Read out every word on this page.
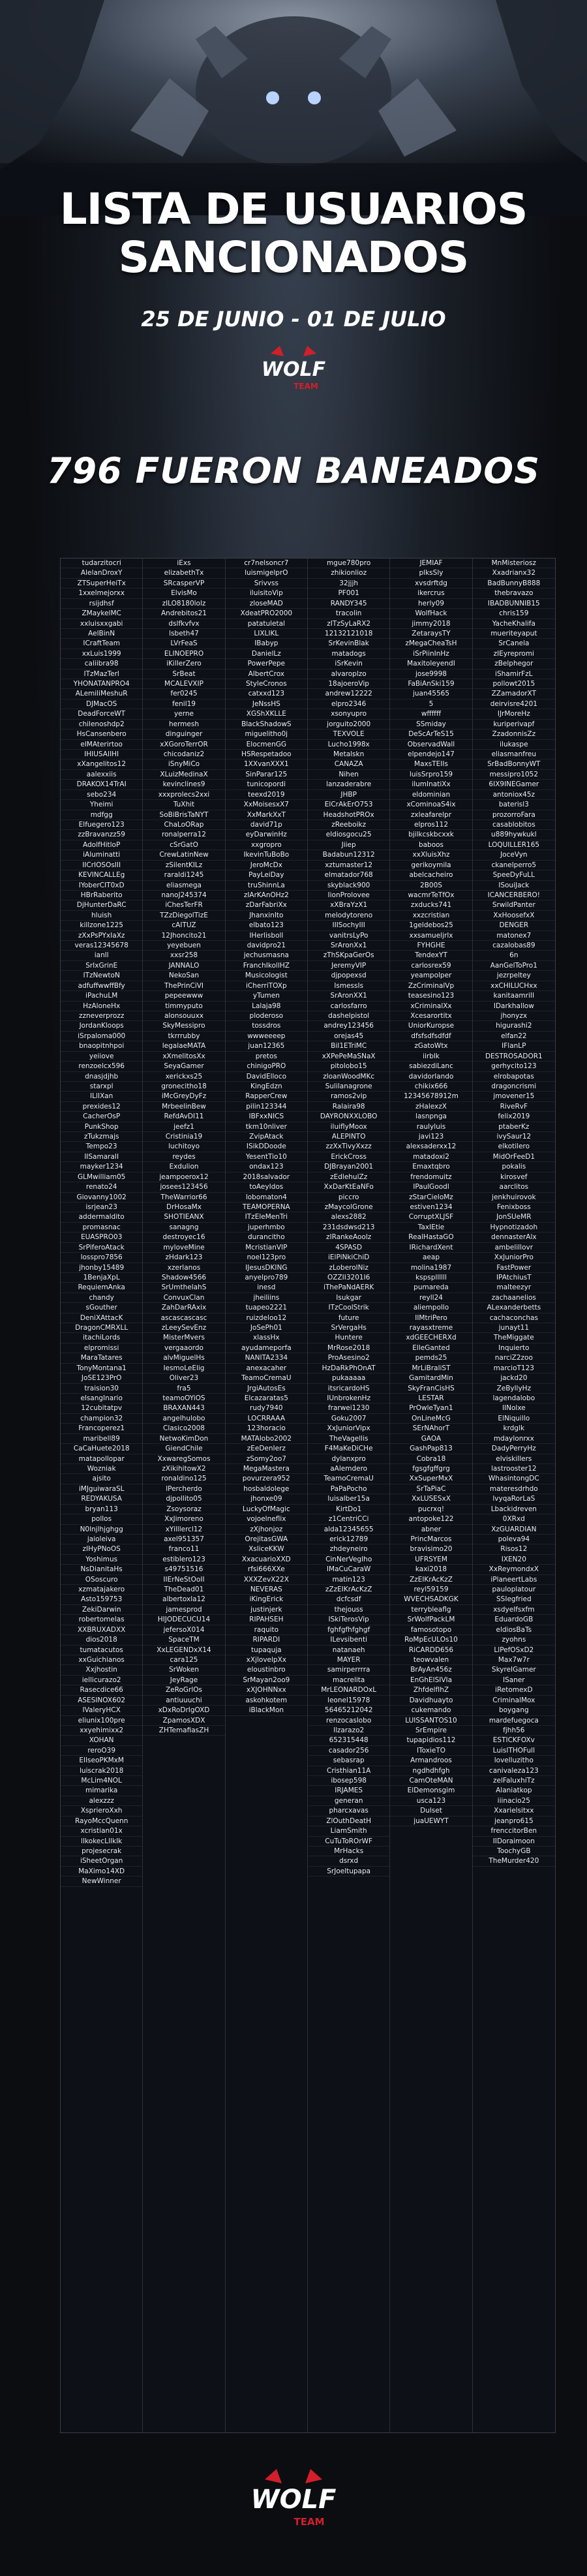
LISTA DE USUARIOS
SANCIONADOS
25 DE JUNIO - 01 DE JULIO
WOLF
TEAM
796 FUERON BANEADOS
tudarzitocri
AlelanDroxY
ZTSuperHeiTx
1xxelmejorxx
rsijdhsf
ZMaykelMC
xxluisxxgabi
AelBinN
ICraftTeam
xxLuis1999
caliibra98
ITzMazTerl
YHONATANPRO4
ALemiliMeshuR
DJMacOS
DeadForceWT
chilenoshdp2
HsCansenbero
elMAterirtoo
IHIUSAIIHI
xXangelitos12
aalexxiis
DRAKOX14TrAI
sebo234
Yheimi
mdfgg
Elfuegero123
zzBravanzz59
AdolfHitloP
iAluminatti
IICrIOSOsIII
KEVINCALLEg
IYoberCIT0xD
HBrRaberito
DjHunterDaRC
hluish
killzone1225
zXxPsPYxIaXz
veras12345678
ianll
SrIxGrinE
ITzNewtoN
adfuffwwffBfy
iPachuLM
HzAloneHx
zzneverprozz
JordanKloops
iSrpaloma000
bnaopitnhpoi
yeiiove
renzoelcx596
dnasjdjhb
starxpl
ILlIXan
prexides12
CacherOsP
PunkShop
zTukzmajs
Tempo23
IISamaraII
mayker1234
GLMwilliam05
renato24
Giovanny1002
isrjean23
addermaldito
promasnac
EUASPRO03
SrPiferoAtack
losspro7856
jhonby15489
1BenjaXpL
RequiemAnka
chandy
sGouther
DeniXAttacK
DragonCMRXLL
itachiLords
elpromissi
MaraTatares
TonyMontana1
JoSE123PrO
traision30
elsangInario
12cubitatpv
champion32
Francoperez1
maribell89
CaCaHuete2018
matapollopar
Wozniak
ajsito
iMJguiwaraSL
REDYAKUSA
bryan113
pollos
N0lnjlhjghgg
jaioleiva
zIHyPNoOS
Yoshimus
NsDianitaHs
OSoscuro
xzmatajakero
Asto159753
ZekiDarwin
robertomelas
XXBRUXADXX
dios2018
tumatacutos
xxGuichianos
Xxjhostin
iellicurazo2
Rasecdice66
ASESINOX602
IValeryHCX
eliunix100pre
xxyehimixx2
XOHAN
reroO39
EIlseoPKMxM
luiscrak2018
McLim4NOL
mimarika
alexzzz
XsprieroXxh
RayoMccQuenn
xcristian01x
lIkokecLlIkIk
projesecrak
iSheetOrgan
MaXimo14XD
NewWinner
iExs
elizabethTx
SRcasperVP
ElvisMo
zILO8180lolz
Andrebitos21
dslfkvfvx
lsbeth47
LVrFeaS
ELINOEPRO
iKillerZero
SrBeat
MCALEVXIP
fer0245
fenil19
yerne
hermesh
dinguinger
xXGoroTerrOR
chicodaniz2
iSnyMiCo
XLuizMedinaX
kevinclines9
xxxprolecs2xxi
TuXhit
SoBiBrisTaNYT
ChaLoORap
ronalperra12
cSrGatO
CrewLatinNew
zSilentKILz
raraldi1245
eliasmega
nanoJ245374
iChesTerFR
TZzDiegolTizE
cAITUZ
12Jhoncito21
yeyebuen
xxsr258
JANNALO
NekoSan
ThePrinCiVI
pepeewww
timmyputo
alonsouuxx
SkyMessipro
tkrrrubby
legalaeMATA
xXmelitosXx
SeyaGamer
xerickxs25
gronecitho18
iMcGreyDyFz
MrbeelinBew
RefdAvDI11
jeefz1
Cristinia19
luchitoyo
reydes
Exdulion
jeampoerox12
josees123456
TheWarrior66
DrHosaMx
SHOTIEANX
sanagng
destroyec16
myloveMine
zHdark123
xzerlanos
Shadow4566
SrUmthelahS
ConvuxClan
ZahDarRAxix
ascascascasc
zLeeySevEnz
MisterMvers
vergaaordo
alvMiguelHs
IesmoLeElig
Oliver23
fra5
teamoOYiOS
BRAXAN443
angelhulobo
Clasico2008
NetwoKimDon
GiendChile
XxwaregSomos
zXikihitowX2
ronaldino125
lPercherdo
djpollito05
Zsoysoraz
XxJimoreno
xYilllercl12
axel951357
franco11
estiblero123
s49751516
IIErNeStOoII
TheDead01
albertoxla12
jamesprod
HIJODECUCU14
jefersoX014
SpaceTM
XxLEGENDxX14
cara125
SrWoken
JeyRage
ZeRoGrlOs
antiuuuchi
xDxRoDrIgOXD
ZpamosXDX
ZHTemafiasZH
cr7nelsoncr7
luismigelprO
Srivvss
iluisitoVip
zloseMAD
XdeatPRO2000
patatuletal
LIXLIKL
IBabyp
DanielLz
PowerPepe
AlbertCrox
StyleCronos
catxxd123
JeNssHS
XGShXKLLE
BlackShadowS
miguelitho0j
ElocmenGG
HSRespetadoo
1XXvanXXX1
SinParar125
tunicopordi
teexd2019
XxMoisesxX7
XxMarkXxT
david71p
eyDarwinHz
xxgropro
IkevinTuBoBo
JeroMcDx
PayLeiDay
truShinnLa
zIArKAnOHz2
zDarFabriXx
JhanxinIto
elbato123
IHerlisboll
davidpro21
jechusmasna
FranchIkollHZ
Musicologist
iCherriTOXp
yTumen
Lalaja98
ploderoso
tossdros
wwweeeep
juan12365
pretos
chinigoPRO
DavidElloco
KingEdzn
RapperCrew
pilin123344
IBFxxNICS
tkm10nliver
ZvipAtack
ISikDDoode
YesentTio10
ondax123
2018salvador
toAeyIdos
lobomaton4
TEAMOPERNA
ITzEleMenTri
juperhmbo
durancitho
McristianVIP
noel123pro
IJesusDKING
anyelpro789
inesd
jheiliins
tuapeo2221
ruizdeloo12
JoSePh01
xlassHx
ayudameporfa
NANITA2334
anexacaher
TeamoCremaU
JrgiAutosEs
Elcazaratas5
rudy7940
LOCRRAAA
123horacio
MATAlobo2002
zEeDenIerz
zSomy2oo7
MegaMastera
povurzera952
hosbaldolege
jhonxe09
LuckyOfMagic
vojoelneflix
zXjhonjoz
OrejitasGWA
XsliceKKW
XxacuarioXXD
rfsi666XXe
XXXZevX22X
NEVERAS
iKingErick
justinjerk
RIPAHSEH
raquito
RIPARDI
tupaquja
xXjlovelpXx
eloustinbro
SrMayan2oo9
xXJOHNNxx
askohkotem
iBlackMon
mgue780pro
zhikionlioz
32jjjh
PF001
RANDY345
tracolin
zITzSyLaRX2
12132121018
SrKevinBlak
matadogs
iSrKevin
alvaroplzo
18ajoeroVip
andrew12222
elpro2346
xsonyupro
jorguito2000
TEXVOLE
Lucho1998x
Metalskn
CANAZA
Nihen
lanzaderabre
JHBP
ElCrAkErO753
HeadshotPROx
zReeboikz
eldiosgocu25
Jiiep
Badabun12312
xztumaster12
elmatador768
skyblack900
IionProlovee
xXBraYzX1
melodytoreno
IIISochyIII
vanitrsLyPo
SrAronXx1
zThSKpaGerOs
JeremyVIP
djpopexsd
IsmessIs
SrAronXX1
carlosfarro
dashelpistol
andrey123456
orejas45
BiI1ETriMC
xXPePeMaSNaX
pitolobo15
zloanWoodMKc
Sulilanagrone
ramos2vip
Ralaira98
DAYRONXXLOBO
iluiflyMoox
ALEPINTO
zzXxTivyXxzz
ErickCross
DJBrayan2001
zEdlehulZz
XxDarKtEaNFo
piccro
zMaycolGrone
alexs2882
231dsdwsd213
zIRankeAoolz
4SPASD
iElPiNkiChiD
zLoberolNiz
OZZII3201I6
iThePaNdAERK
Isukgar
ITzCoolStrik
future
SrVergaHs
Huntere
MrRose2018
ProAsesino2
HzDaRkPhOnAT
pukaaaaa
itsricardoHS
IUnbrokenHz
frarwei1230
Goku2007
XxJuniorVipx
TheVagellis
F4MaKeDiCHe
dylanxpro
aAlemdero
TeamoCremaU
PaPaPocho
luisalber15a
KirtDo1
z1CentriCCi
alda12345655
erick12789
zhdeyneiro
CinNerVegIho
IMaCuCaraW
matin123
zZzEIKrAcKzZ
dcfcsdf
thejouss
ISkiTerosVip
fghfgfhfghgf
ILevsibenti
natanaeh
MAYER
samirperrrra
macrelita
MrLEONARDOxL
leonel15978
56465212042
renzocaslobo
llzarazo2
652315448
casador256
sebasrap
Cristhian11A
ibosep598
IRJAMES
generan
pharcxavas
ZlOuthDeatH
LiamSmith
CuTuToROrWF
MrHacks
dsrxd
SrJoeltupapa
JEMIAF
plksSly
xvsdrftdg
ikercrus
herly09
WolfHack
jimmy2018
ZetaraysTY
zMegaCheaTsH
iSrPiinInHz
MaxitoleyendI
jose9998
FaBiAnSki159
juan45565
5
wffffff
SSmiday
DeScArTeS15
ObservadWall
elpendejo147
MaxsTEIIs
luisSrpro159
ilumInatiXx
eldominian
xCominoaS4ix
zxleafarelpr
elpros112
bjilkcskbcxxk
baboos
xxXluisXhz
gerikoymila
abelcacheiro
2B00S
wacmrTeTfOx
zxducks741
xxzcristian
1geldebos25
xxsamueljrlx
FYHGHE
TendexYT
carlosrex59
yeampolper
ZzCriminalVp
teasesino123
xCriminalXx
Xcesarortitx
UniorKuropse
dfsfsdfsdfdf
zGatoWtx
iirblk
sabiezdiLanc
davidorlando
chikix666
12345678912m
zHalexzX
lasnpnga
raulyluis
javi123
alexsaderxx12
matadoxi2
Emaxtqbro
frendomuitz
IPaulGoodl
zStarCieloMz
estiven1234
CorruptXLJSF
TaxIEtie
RealHastaGO
IRichardXent
aeap
molina1987
kspspllllll
pumareda
reyll24
aliempollo
IIMtriPero
rayasxtreme
xdGEECHERXd
ElleGanted
pemds25
MrLiBraliST
GamitardMin
SkyFranCisHS
LESTAR
PrOwleTyan1
OnLineMcG
SErNAhorT
GAOA
GashPap813
Cobra18
fgsgfgffgrg
XxSuperMxX
SrTaPiaC
XxLUSESxX
pucrxq!
antopoke122
abner
PrincMarcos
bravisimo20
UFRSYEM
kaxi2018
ZzEIKrAcKzZ
reyl59159
WVECHSADKGK
terrybleaflg
SrWolfPackLM
famosotopo
RoMpEcULOs10
RiCARDD656
teowvalen
BrAyAn456z
EnGhElSIVIa
ZhfdelfIhZ
Davidhuayto
cukemando
LUISSANTOS10
SrEmpire
tupapidios112
IToxieTO
Armandroos
ngdhdhfgh
CamOteMAN
ElDemonsgim
usca123
Dulset
juaUEWYT
MnMisteriosz
Xxadrianx32
BadBunnyB888
thebravazo
IBADBUNNIB15
chris159
YacheKhalifa
mueriteyaput
SrCanela
zIEyrepromi
zBelphegor
iShamirFzL
pollowt2015
ZZamadorXT
deirvisre4201
IJrMoreHz
kuriperivapf
ZzadonnisZz
ilukaspe
eliasmanfreu
SrBadBonnyWT
messipro1052
6IX9INEGamer
antoniox45z
baterisl3
prozorroFara
casablobitos
u889hywkukl
LOQUILLER165
JoceVyn
ckanelperro5
SpeeDyFuLL
ISouiJack
ICANCERBERO!
SrwildPanter
XxHoosefxX
DENGER
matonex7
cazalobas89
6n
AanGelToPro1
jezrpeltey
xxCHILUCHxx
kanitaamriII
IDarkhallow
jhonyzx
higurashi2
elfan22
IFlanLP
DESTROSADOR1
gerhycito123
elrobapotas
dragoncrismi
jmovener15
RiveRvF
felix2019
ptaberKz
ivySaur12
elkotilero
MidOrFeeD1
pokalis
kirosvef
aarclitos
jenkhuirovok
Fenixboss
JonSUeMR
Hypnotizadoh
dennasterAlx
ambelillovr
XxJuniorPro
FastPower
IPAtchiusT
malteezyr
zachaanelios
ALexanderbetts
cachaconchas
junayt11
TheMiggate
Inquierto
narciZ2zoo
marcioT123
jackd20
ZeByllyHz
lagendalobo
IINolxe
ElNiquillo
krdglk
mdaylonrxx
DadyPerryHz
elviskillers
lastrooster12
WhasintongDC
materesdrhdo
lvyqaRorLaS
Lbackidreven
0XRxd
XzGUARDIAN
poleva94
Risos12
IXEN20
XxReymondxX
iPlaneertLabs
pauloplatour
SSIegfried
xsdyelfsxfm
EduardoGB
eldiosBaTs
zyohns
LlPefOSxD2
Max7w7r
SkyreIGamer
ISaner
iRetomexD
CriminalMox
boygang
mardefuegoca
fjhh56
ESTICKFOXv
LuisITHOFull
lovelluzitho
canivaleza123
zelFaluxhiTz
Alaniatkop
iiinacio25
Xxarielsitxx
jeanpro615
frenccitorBen
IIDoraimoon
ToochyGB
TheMurder420
WOLF
TEAM
